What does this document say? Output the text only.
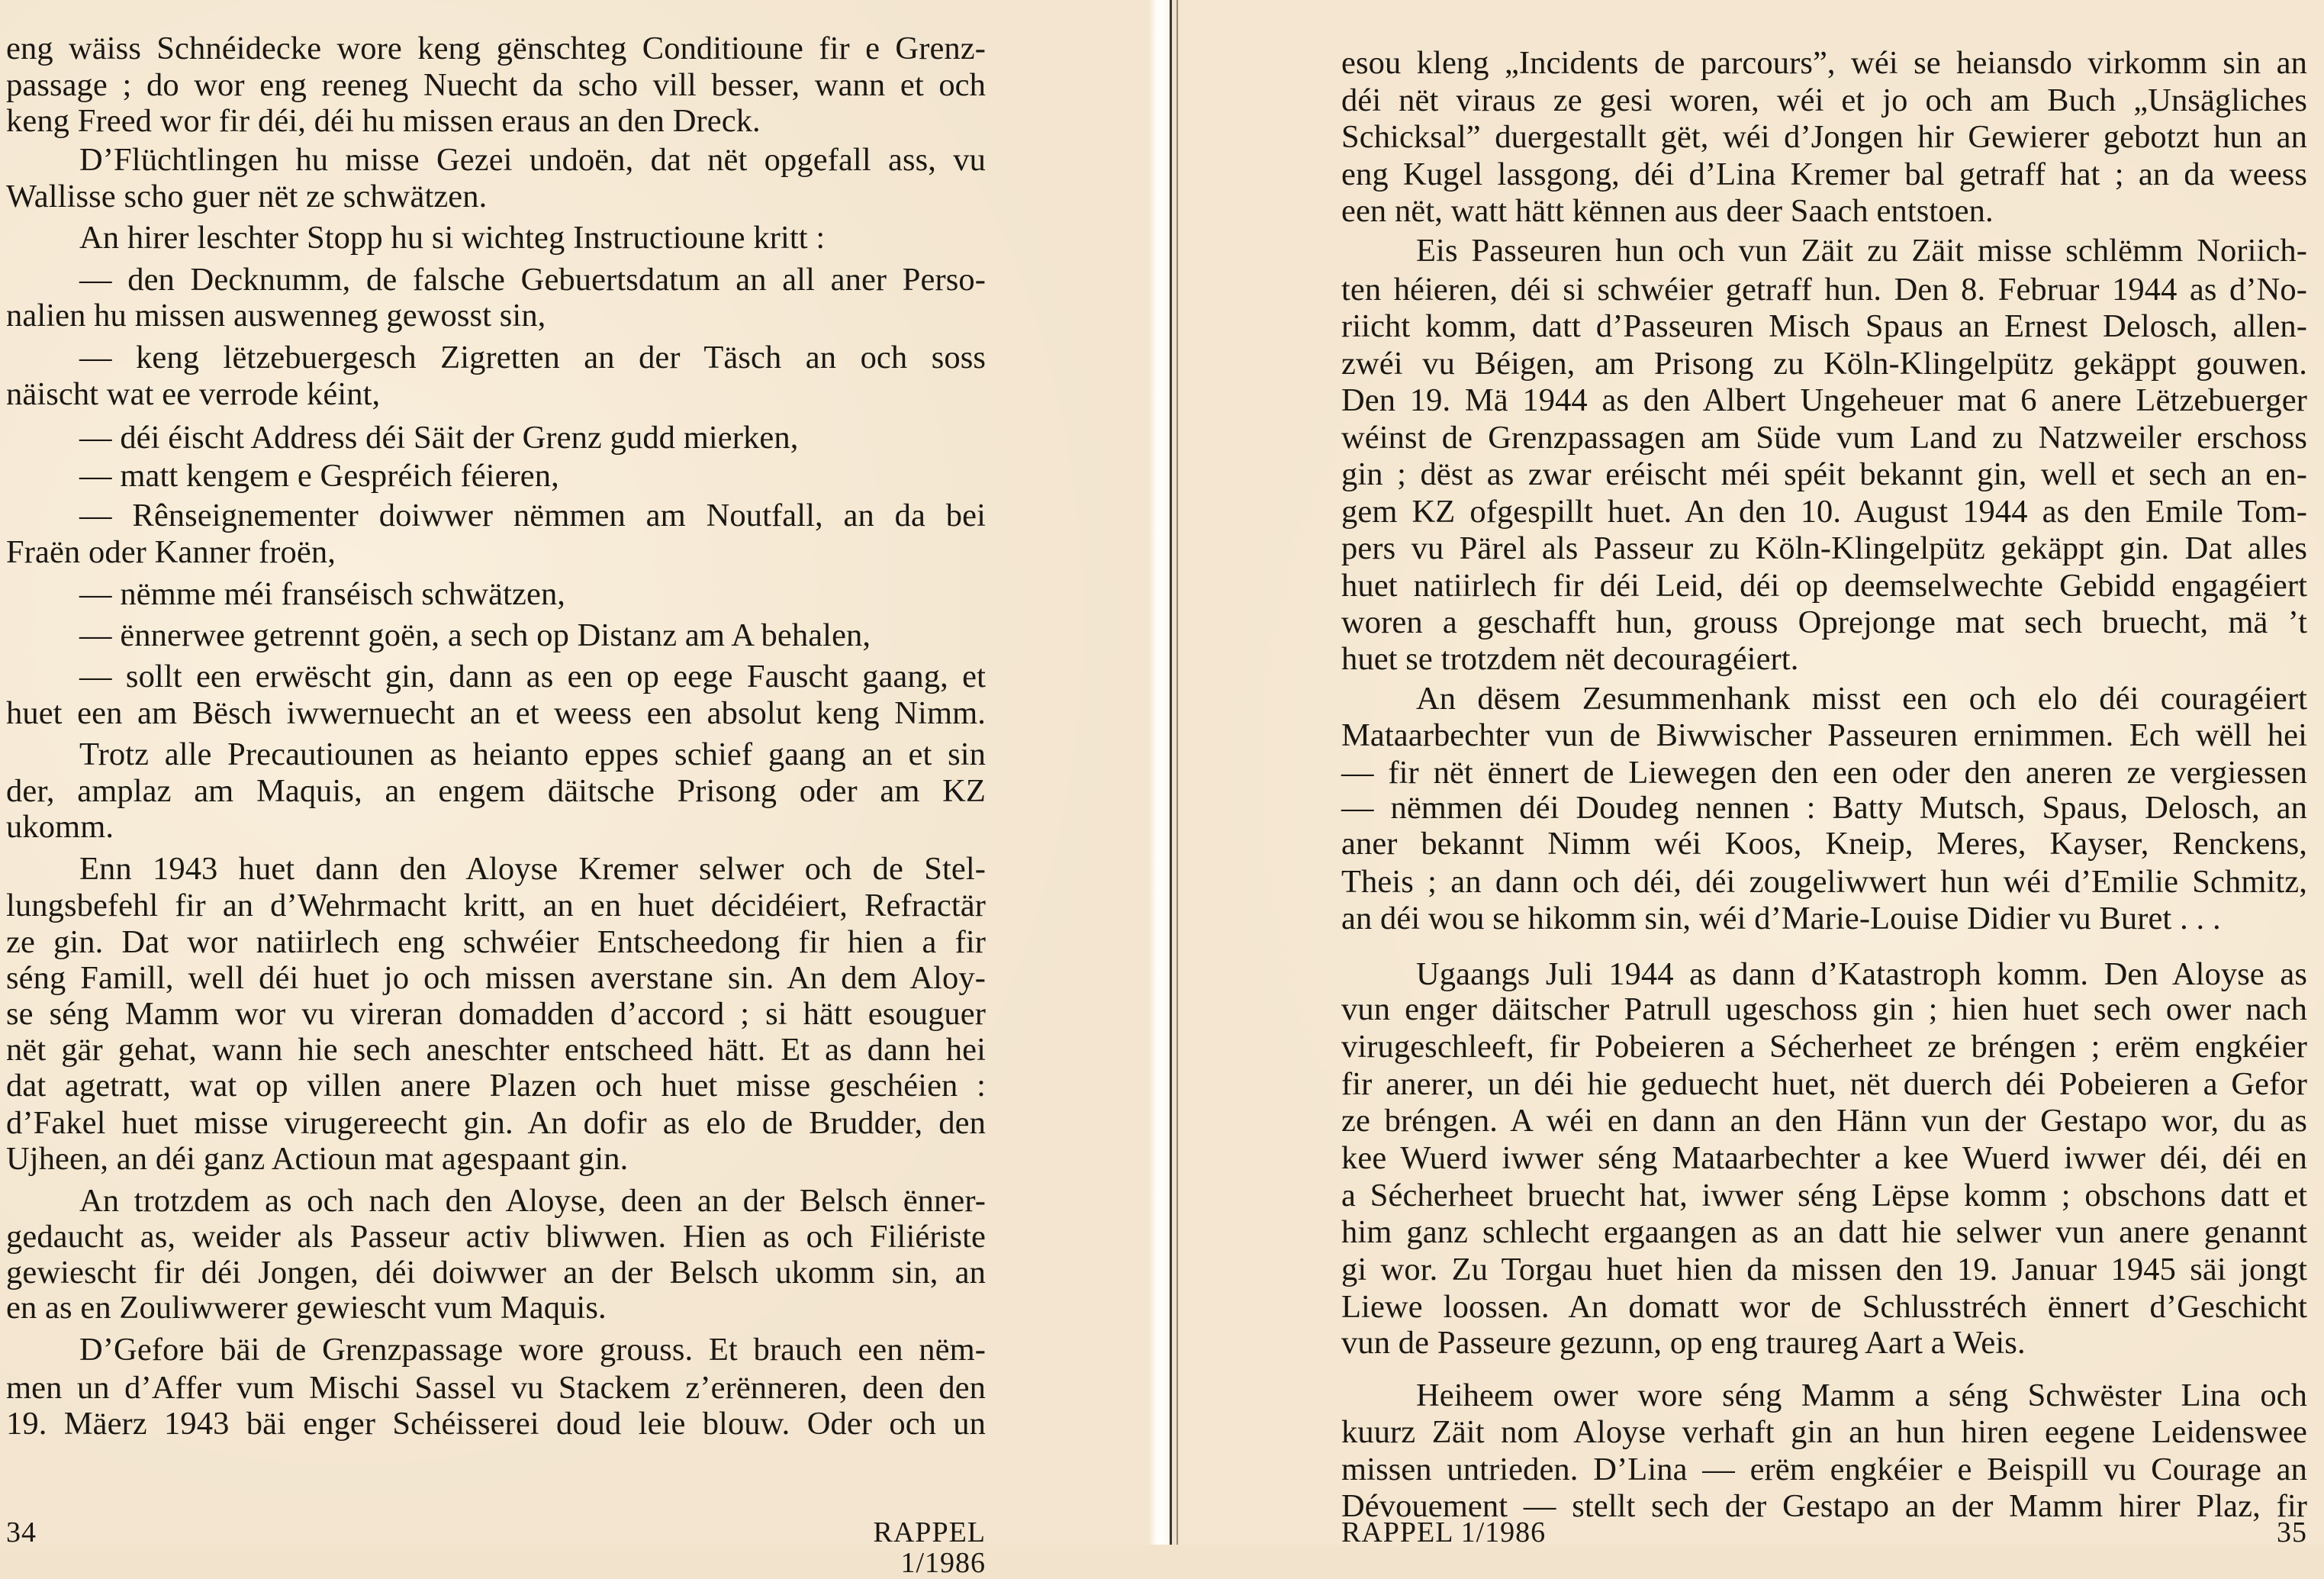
eng wäiss Schnéidecke wore keng gënschteg Conditioune fir e Grenz-
passage ; do wor eng reeneg Nuecht da scho vill besser, wann et och
keng Freed wor fir déi, déi hu missen eraus an den Dreck.
D’Flüchtlingen hu misse Gezei undoën, dat nët opgefall ass, vu
Wallisse scho guer nët ze schwätzen.
An hirer leschter Stopp hu si wichteg Instructioune kritt :
— den Decknumm, de falsche Gebuertsdatum an all aner Perso-
nalien hu missen auswenneg gewosst sin,
— keng lëtzebuergesch Zigretten an der Täsch an och soss
näischt wat ee verrode kéint,
— déi éischt Address déi Säit der Grenz gudd mierken,
— matt kengem e Gespréich féieren,
— Rênseignementer doiwwer nëmmen am Noutfall, an da bei
Fraën oder Kanner froën,
— nëmme méi franséisch schwätzen,
— ënnerwee getrennt goën, a sech op Distanz am A behalen,
— sollt een erwëscht gin, dann as een op eege Fauscht gaang, et
huet een am Bësch iwwernuecht an et weess een absolut keng Nimm.
Trotz alle Precautiounen as heianto eppes schief gaang an et sin
der, amplaz am Maquis, an engem däitsche Prisong oder am KZ
ukomm.
Enn 1943 huet dann den Aloyse Kremer selwer och de Stel-
lungsbefehl fir an d’Wehrmacht kritt, an en huet décidéiert, Refractär
ze gin. Dat wor natiirlech eng schwéier Entscheedong fir hien a fir
séng Famill, well déi huet jo och missen averstane sin. An dem Aloy-
se séng Mamm wor vu vireran domadden d’accord ; si hätt esouguer
nët gär gehat, wann hie sech aneschter entscheed hätt. Et as dann hei
dat agetratt, wat op villen anere Plazen och huet misse geschéien :
d’Fakel huet misse virugereecht gin. An dofir as elo de Brudder, den
Ujheen, an déi ganz Actioun mat agespaant gin.
An trotzdem as och nach den Aloyse, deen an der Belsch ënner-
gedaucht as, weider als Passeur activ bliwwen. Hien as och Filiériste
gewiescht fir déi Jongen, déi doiwwer an der Belsch ukomm sin, an
en as en Zouliwwerer gewiescht vum Maquis.
D’Gefore bäi de Grenzpassage wore grouss. Et brauch een nëm-
men un d’Affer vum Mischi Sassel vu Stackem z’erënneren, deen den
19. Mäerz 1943 bäi enger Schéisserei doud leie blouw. Oder och un
esou kleng „Incidents de parcours”, wéi se heiansdo virkomm sin an
déi nët viraus ze gesi woren, wéi et jo och am Buch „Unsägliches
Schicksal” duergestallt gët, wéi d’Jongen hir Gewierer gebotzt hun an
eng Kugel lassgong, déi d’Lina Kremer bal getraff hat ; an da weess
een nët, watt hätt kënnen aus deer Saach entstoen.
Eis Passeuren hun och vun Zäit zu Zäit misse schlëmm Noriich-
ten héieren, déi si schwéier getraff hun. Den 8. Februar 1944 as d’No-
riicht komm, datt d’Passeuren Misch Spaus an Ernest Delosch, allen-
zwéi vu Béigen, am Prisong zu Köln-Klingelpütz gekäppt gouwen.
Den 19. Mä 1944 as den Albert Ungeheuer mat 6 anere Lëtzebuerger
wéinst de Grenzpassagen am Süde vum Land zu Natzweiler erschoss
gin ; dëst as zwar eréischt méi spéit bekannt gin, well et sech an en-
gem KZ ofgespillt huet. An den 10. August 1944 as den Emile Tom-
pers vu Pärel als Passeur zu Köln-Klingelpütz gekäppt gin. Dat alles
huet natiirlech fir déi Leid, déi op deemselwechte Gebidd engagéiert
woren a geschafft hun, grouss Oprejonge mat sech bruecht, mä ’t
huet se trotzdem nët decouragéiert.
An dësem Zesummenhank misst een och elo déi couragéiert
Mataarbechter vun de Biwwischer Passeuren ernimmen. Ech wëll hei
— fir nët ënnert de Liewegen den een oder den aneren ze vergiessen
— nëmmen déi Doudeg nennen : Batty Mutsch, Spaus, Delosch, an
aner bekannt Nimm wéi Koos, Kneip, Meres, Kayser, Renckens,
Theis ; an dann och déi, déi zougeliwwert hun wéi d’Emilie Schmitz,
an déi wou se hikomm sin, wéi d’Marie-Louise Didier vu Buret . . .
Ugaangs Juli 1944 as dann d’Katastroph komm. Den Aloyse as
vun enger däitscher Patrull ugeschoss gin ; hien huet sech ower nach
virugeschleeft, fir Pobeieren a Sécherheet ze bréngen ; erëm engkéier
fir anerer, un déi hie geduecht huet, nët duerch déi Pobeieren a Gefor
ze bréngen. A wéi en dann an den Hänn vun der Gestapo wor, du as
kee Wuerd iwwer séng Mataarbechter a kee Wuerd iwwer déi, déi en
a Sécherheet bruecht hat, iwwer séng Lëpse komm ; obschons datt et
him ganz schlecht ergaangen as an datt hie selwer vun anere genannt
gi wor. Zu Torgau huet hien da missen den 19. Januar 1945 säi jongt
Liewe loossen. An domatt wor de Schlusstréch ënnert d’Geschicht
vun de Passeure gezunn, op eng traureg Aart a Weis.
Heiheem ower wore séng Mamm a séng Schwëster Lina och
kuurz Zäit nom Aloyse verhaft gin an hun hiren eegene Leidenswee
missen untrieden. D’Lina — erëm engkéier e Beispill vu Courage an
Dévouement — stellt sech der Gestapo an der Mamm hirer Plaz, fir
34	RAPPEL 1/1986
RAPPEL 1/1986	35
